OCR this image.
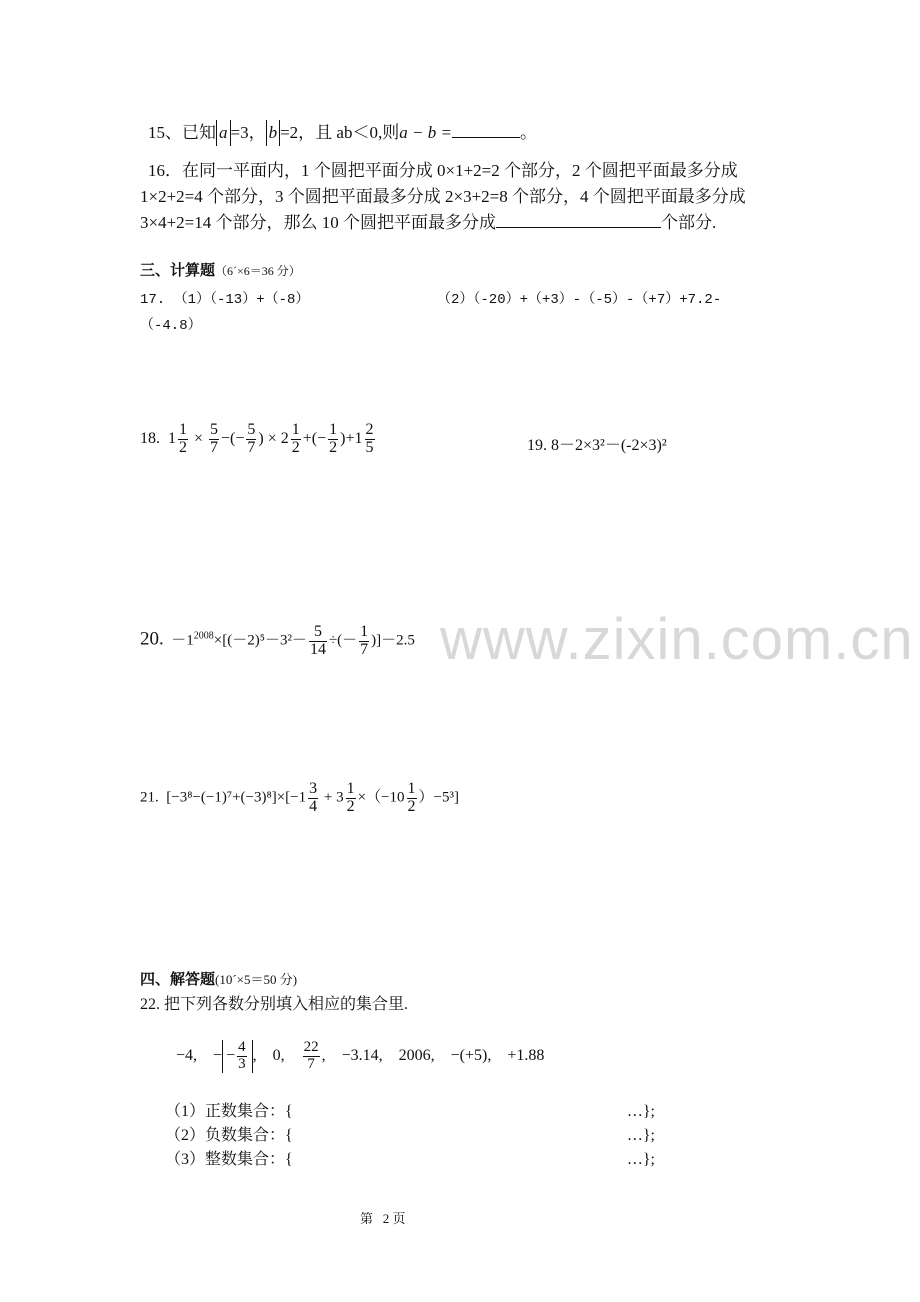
www.zixin.com.cn
15、已知 a =3， b =2，且 ab＜0,则a − b =	。
16．在同一平面内，1 个圆把平面分成 0×1+2=2 个部分，2 个圆把平面最多分成 1×2+2=4 个部分，3 个圆把平面最多分成 2×3+2=8 个部分，4 个圆把平面最多分成 3×4+2=14 个部分，那么 10 个圆把平面最多分成	个部分.
三、计算题（6´×6＝36 分）
17. （1）（-13）+（-8）	（2）（-20）+（+3）-（-5）-（+7）+7.2-
（-4.8）
18. $1 \frac{1}{2} \times \frac{5}{7}$ −(− $\frac{5}{7}$ ) × $2 \frac{1}{2}$ +(− $\frac{1}{2} )+1 \frac{2}{5}$	19. 8－2×3²－(-2×3)²
20. $-1^{2008}\times[(-2)^5-3^2- \frac{5}{14}$ ÷(－ $\frac{1}{7} )]-2.5$
21. $[-3^8-(-1)^7+(-3)^8]\times[-1 \frac{3}{4} + 3 \frac{1}{2} \times(-10 \frac{1}{2} )-5^3]$
四、解答题(10´×5＝50 分)
22. 把下列各数分别填入相应的集合里.
−4, − − $\frac{4}{3}$ , 0, $\frac{22}{7}$ , −3.14, 2006, −(+5), +1.88
（1）正数集合：{	…};
（2）负数集合：{	…};
（3）整数集合：{	…};
第   2 页
